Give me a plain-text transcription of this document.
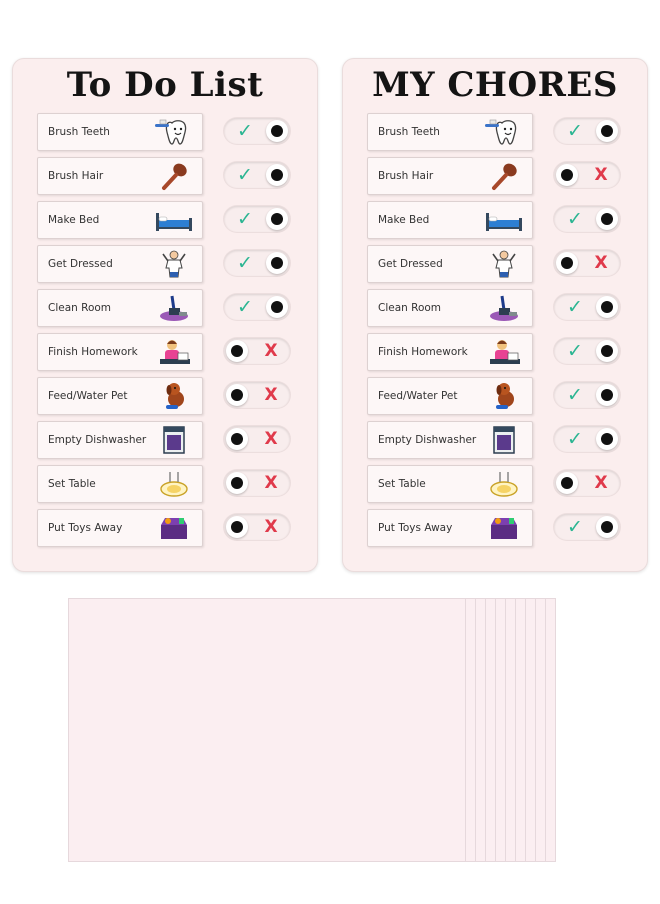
To Do List
Brush Teeth	✓
Brush Hair	✓
Make Bed	✓
Get Dressed	✓
Clean Room	✓
Finish Homework	X
Feed/Water Pet	X
Empty Dishwasher	X
Set Table	X
Put Toys Away	X
MY CHORES
Brush Teeth	✓
Brush Hair	X
Make Bed	✓
Get Dressed	X
Clean Room	✓
Finish Homework	✓
Feed/Water Pet	✓
Empty Dishwasher	✓
Set Table	X
Put Toys Away	✓
